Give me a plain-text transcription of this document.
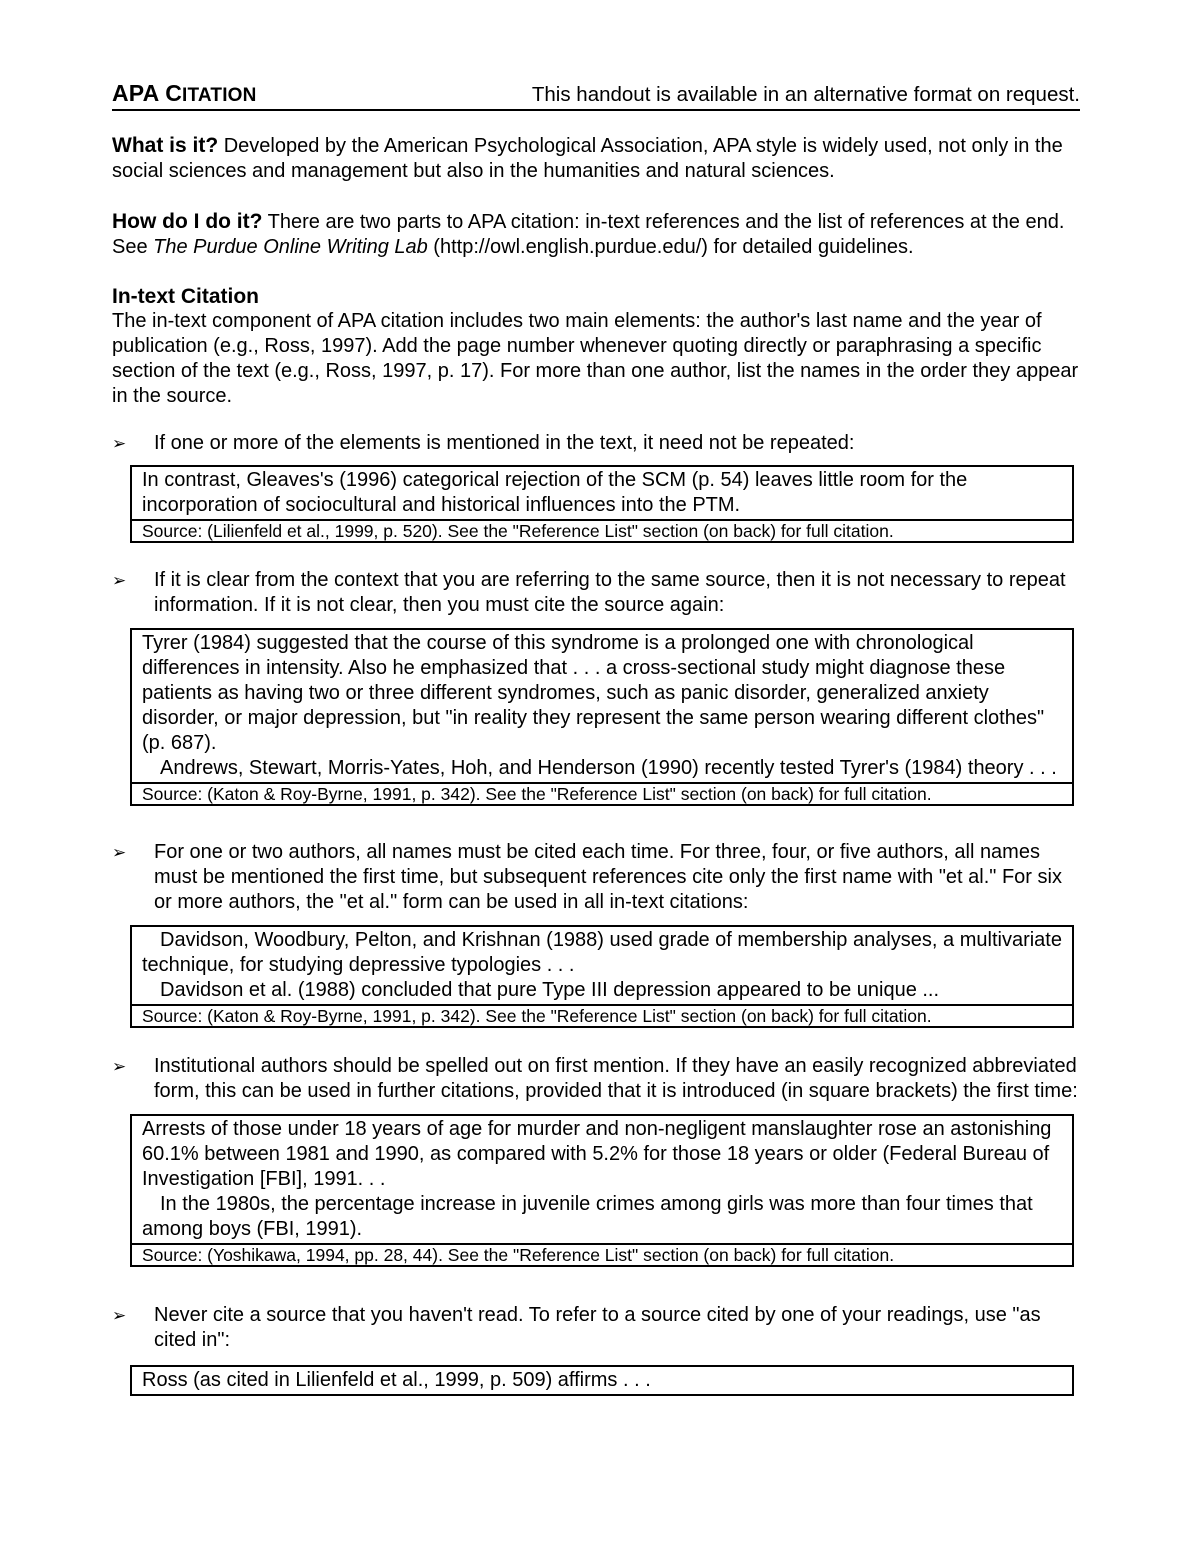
APA CITATION	This handout is available in an alternative format on request.

What is it? Developed by the American Psychological Association, APA style is widely used, not only in the social sciences and management but also in the humanities and natural sciences.

How do I do it? There are two parts to APA citation: in-text references and the list of references at the end. See The Purdue Online Writing Lab (http://owl.english.purdue.edu/) for detailed guidelines.

In-text Citation

The in-text component of APA citation includes two main elements: the author's last name and the year of publication (e.g., Ross, 1997). Add the page number whenever quoting directly or paraphrasing a specific section of the text (e.g., Ross, 1997, p. 17). For more than one author, list the names in the order they appear in the source.

➢	If one or more of the elements is mentioned in the text, it need not be repeated:
In contrast, Gleaves's (1996) categorical rejection of the SCM (p. 54) leaves little room for the incorporation of sociocultural and historical influences into the PTM.
Source: (Lilienfeld et al., 1999, p. 520). See the "Reference List" section (on back) for full citation.
➢	If it is clear from the context that you are referring to the same source, then it is not necessary to repeat information. If it is not clear, then you must cite the source again:
Tyrer (1984) suggested that the course of this syndrome is a prolonged one with chronological differences in intensity. Also he emphasized that . . . a cross-sectional study might diagnose these patients as having two or three different syndromes, such as panic disorder, generalized anxiety disorder, or major depression, but "in reality they represent the same person wearing different clothes" (p. 687).
Andrews, Stewart, Morris-Yates, Hoh, and Henderson (1990) recently tested Tyrer's (1984) theory . . .
Source: (Katon & Roy-Byrne, 1991, p. 342). See the "Reference List" section (on back) for full citation.
➢	For one or two authors, all names must be cited each time. For three, four, or five authors, all names must be mentioned the first time, but subsequent references cite only the first name with "et al." For six or more authors, the "et al." form can be used in all in-text citations:
Davidson, Woodbury, Pelton, and Krishnan (1988) used grade of membership analyses, a multivariate technique, for studying depressive typologies . . .
Davidson et al. (1988) concluded that pure Type III depression appeared to be unique ...
Source: (Katon & Roy-Byrne, 1991, p. 342). See the "Reference List" section (on back) for full citation.
➢	Institutional authors should be spelled out on first mention. If they have an easily recognized abbreviated form, this can be used in further citations, provided that it is introduced (in square brackets) the first time:
Arrests of those under 18 years of age for murder and non-negligent manslaughter rose an astonishing 60.1% between 1981 and 1990, as compared with 5.2% for those 18 years or older (Federal Bureau of Investigation [FBI], 1991. . .
In the 1980s, the percentage increase in juvenile crimes among girls was more than four times that among boys (FBI, 1991).
Source: (Yoshikawa, 1994, pp. 28, 44). See the "Reference List" section (on back) for full citation.
➢	Never cite a source that you haven't read. To refer to a source cited by one of your readings, use "as cited in":
Ross (as cited in Lilienfeld et al., 1999, p. 509) affirms . . .
